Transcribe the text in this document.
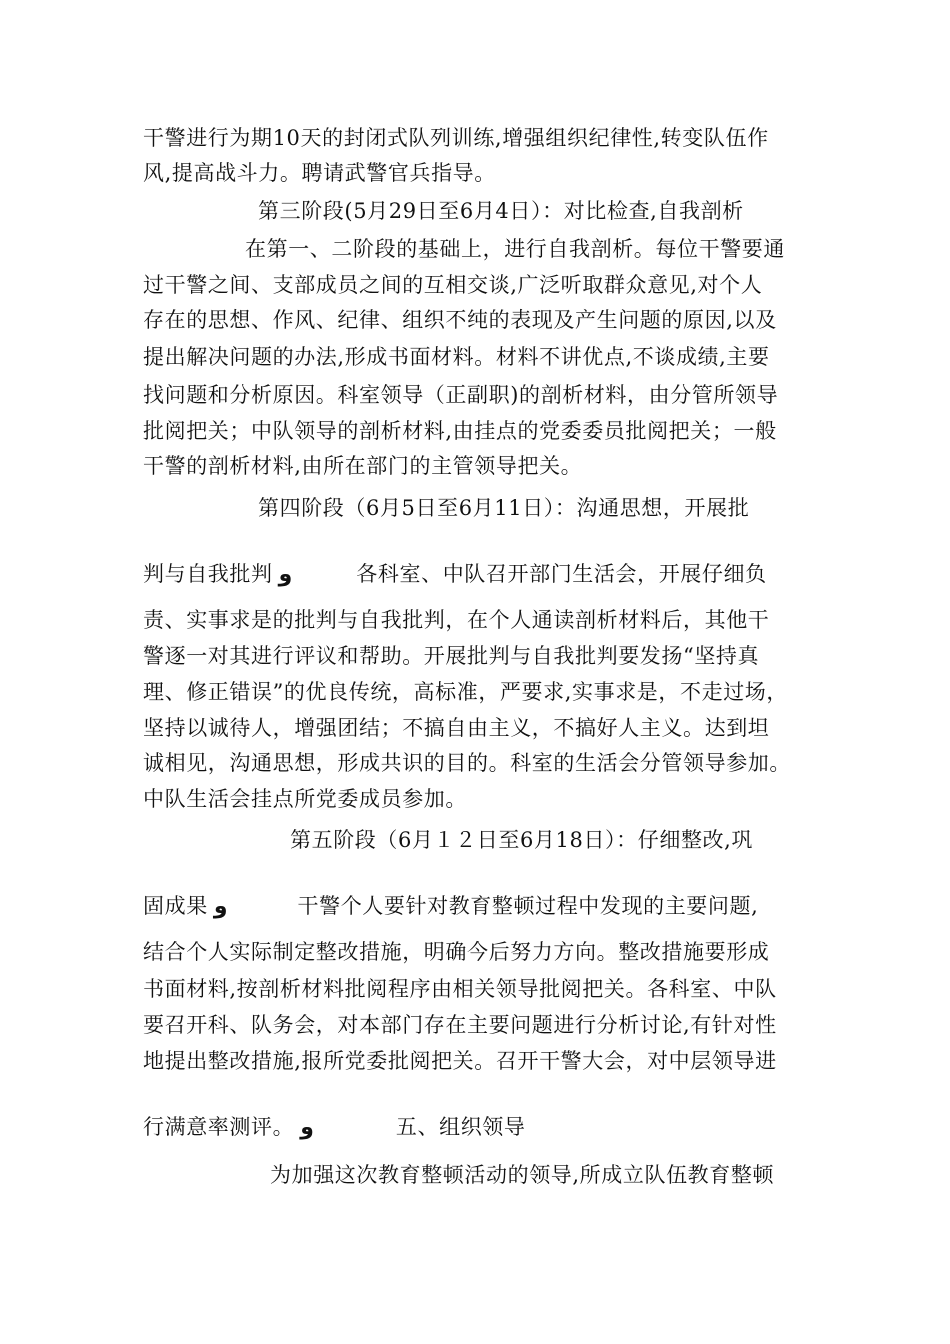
干警进行为期10天的封闭式队列训练,增强组织纪律性,转变队伍作
风,提高战斗力。聘请武警官兵指导。
第三阶段(5月29日至6月4日）：对比检查,自我剖析
在第一、二阶段的基础上，进行自我剖析。每位干警要通
过干警之间、支部成员之间的互相交谈,广泛听取群众意见,对个人
存在的思想、作风、纪律、组织不纯的表现及产生问题的原因,以及
提出解决问题的办法,形成书面材料。材料不讲优点,不谈成绩,主要
找问题和分析原因。科室领导（正副职)的剖析材料，由分管所领导
批阅把关；中队领导的剖析材料,由挂点的党委委员批阅把关；一般
干警的剖析材料,由所在部门的主管领导把关。
第四阶段（6月5日至6月11日）：沟通思想，开展批
判与自我批判 و	各科室、中队召开部门生活会，开展仔细负
责、实事求是的批判与自我批判，在个人通读剖析材料后，其他干
警逐一对其进行评议和帮助。开展批判与自我批判要发扬“坚持真
理、修正错误”的优良传统，高标准，严要求,实事求是，不走过场，
坚持以诚待人，增强团结；不搞自由主义，不搞好人主义。达到坦
诚相见，沟通思想，形成共识的目的。科室的生活会分管领导参加。
中队生活会挂点所党委成员参加。
第五阶段（6月１２日至6月18日）：仔细整改,巩
固成果 و	干警个人要针对教育整顿过程中发现的主要问题,
结合个人实际制定整改措施，明确今后努力方向。整改措施要形成
书面材料,按剖析材料批阅程序由相关领导批阅把关。各科室、中队
要召开科、队务会，对本部门存在主要问题进行分析讨论,有针对性
地提出整改措施,报所党委批阅把关。召开干警大会，对中层领导进
行满意率测评。 و	五、组织领导
为加强这次教育整顿活动的领导,所成立队伍教育整顿
